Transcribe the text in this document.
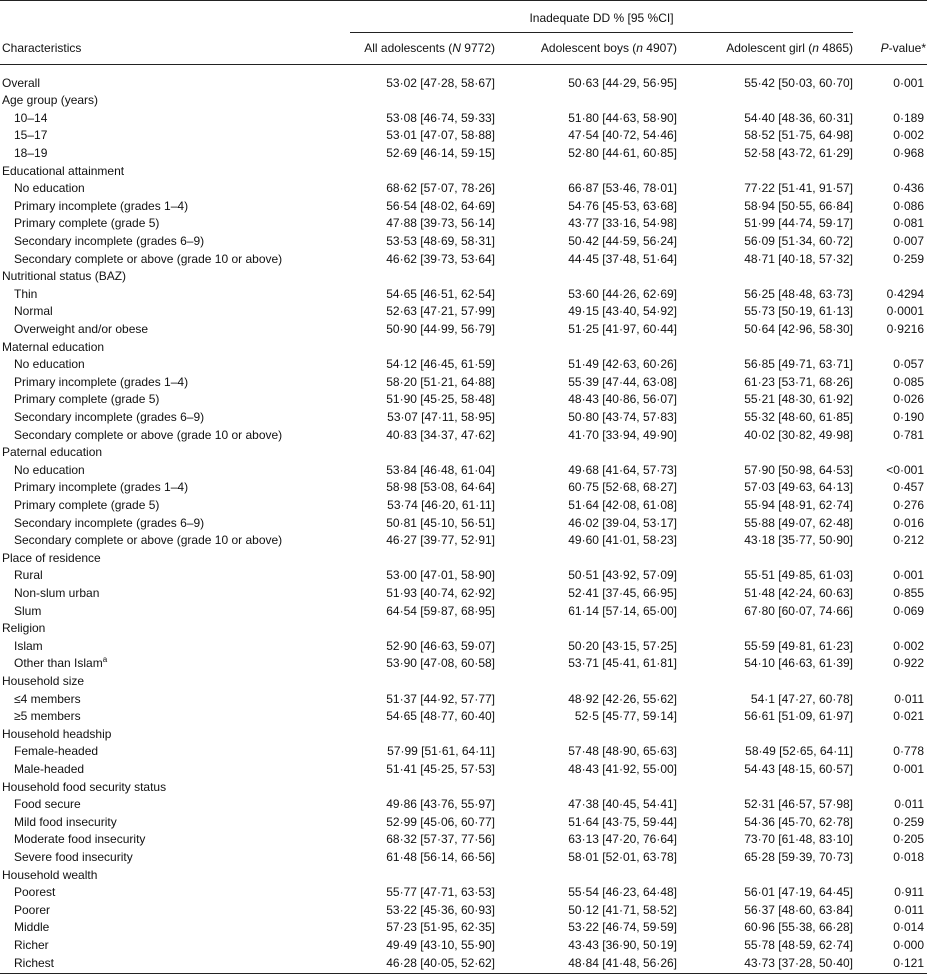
Inadequate DD % [95 %CI]
Characteristics	All adolescents (N 9772)	Adolescent boys (n 4907)	Adolescent girl (n 4865)	P-value*
Overall	53·02 [47·28, 58·67]	50·63 [44·29, 56·95]	55·42 [50·03, 60·70]	0·001
Age group (years)
10–14	53·08 [46·74, 59·33]	51·80 [44·63, 58·90]	54·40 [48·36, 60·31]	0·189
15–17	53·01 [47·07, 58·88]	47·54 [40·72, 54·46]	58·52 [51·75, 64·98]	0·002
18–19	52·69 [46·14, 59·15]	52·80 [44·61, 60·85]	52·58 [43·72, 61·29]	0·968
Educational attainment
No education	68·62 [57·07, 78·26]	66·87 [53·46, 78·01]	77·22 [51·41, 91·57]	0·436
Primary incomplete (grades 1–4)	56·54 [48·02, 64·69]	54·76 [45·53, 63·68]	58·94 [50·55, 66·84]	0·086
Primary complete (grade 5)	47·88 [39·73, 56·14]	43·77 [33·16, 54·98]	51·99 [44·74, 59·17]	0·081
Secondary incomplete (grades 6–9)	53·53 [48·69, 58·31]	50·42 [44·59, 56·24]	56·09 [51·34, 60·72]	0·007
Secondary complete or above (grade 10 or above)	46·62 [39·73, 53·64]	44·45 [37·48, 51·64]	48·71 [40·18, 57·32]	0·259
Nutritional status (BAZ)
Thin	54·65 [46·51, 62·54]	53·60 [44·26, 62·69]	56·25 [48·48, 63·73]	0·4294
Normal	52·63 [47·21, 57·99]	49·15 [43·40, 54·92]	55·73 [50·19, 61·13]	0·0001
Overweight and/or obese	50·90 [44·99, 56·79]	51·25 [41·97, 60·44]	50·64 [42·96, 58·30]	0·9216
Maternal education
No education	54·12 [46·45, 61·59]	51·49 [42·63, 60·26]	56·85 [49·71, 63·71]	0·057
Primary incomplete (grades 1–4)	58·20 [51·21, 64·88]	55·39 [47·44, 63·08]	61·23 [53·71, 68·26]	0·085
Primary complete (grade 5)	51·90 [45·25, 58·48]	48·43 [40·86, 56·07]	55·21 [48·30, 61·92]	0·026
Secondary incomplete (grades 6–9)	53·07 [47·11, 58·95]	50·80 [43·74, 57·83]	55·32 [48·60, 61·85]	0·190
Secondary complete or above (grade 10 or above)	40·83 [34·37, 47·62]	41·70 [33·94, 49·90]	40·02 [30·82, 49·98]	0·781
Paternal education
No education	53·84 [46·48, 61·04]	49·68 [41·64, 57·73]	57·90 [50·98, 64·53]	<0·001
Primary incomplete (grades 1–4)	58·98 [53·08, 64·64]	60·75 [52·68, 68·27]	57·03 [49·63, 64·13]	0·457
Primary complete (grade 5)	53·74 [46·20, 61·11]	51·64 [42·08, 61·08]	55·94 [48·91, 62·74]	0·276
Secondary incomplete (grades 6–9)	50·81 [45·10, 56·51]	46·02 [39·04, 53·17]	55·88 [49·07, 62·48]	0·016
Secondary complete or above (grade 10 or above)	46·27 [39·77, 52·91]	49·60 [41·01, 58·23]	43·18 [35·77, 50·90]	0·212
Place of residence
Rural	53·00 [47·01, 58·90]	50·51 [43·92, 57·09]	55·51 [49·85, 61·03]	0·001
Non-slum urban	51·93 [40·74, 62·92]	52·41 [37·45, 66·95]	51·48 [42·24, 60·63]	0·855
Slum	64·54 [59·87, 68·95]	61·14 [57·14, 65·00]	67·80 [60·07, 74·66]	0·069
Religion
Islam	52·90 [46·63, 59·07]	50·20 [43·15, 57·25]	55·59 [49·81, 61·23]	0·002
Other than Islam$^a$	53·90 [47·08, 60·58]	53·71 [45·41, 61·81]	54·10 [46·63, 61·39]	0·922
Household size
≤4 members	51·37 [44·92, 57·77]	48·92 [42·26, 55·62]	54·1 [47·27, 60·78]	0·011
≥5 members	54·65 [48·77, 60·40]	52·5 [45·77, 59·14]	56·61 [51·09, 61·97]	0·021
Household headship
Female-headed	57·99 [51·61, 64·11]	57·48 [48·90, 65·63]	58·49 [52·65, 64·11]	0·778
Male-headed	51·41 [45·25, 57·53]	48·43 [41·92, 55·00]	54·43 [48·15, 60·57]	0·001
Household food security status
Food secure	49·86 [43·76, 55·97]	47·38 [40·45, 54·41]	52·31 [46·57, 57·98]	0·011
Mild food insecurity	52·99 [45·06, 60·77]	51·64 [43·75, 59·44]	54·36 [45·70, 62·78]	0·259
Moderate food insecurity	68·32 [57·37, 77·56]	63·13 [47·20, 76·64]	73·70 [61·48, 83·10]	0·205
Severe food insecurity	61·48 [56·14, 66·56]	58·01 [52·01, 63·78]	65·28 [59·39, 70·73]	0·018
Household wealth
Poorest	55·77 [47·71, 63·53]	55·54 [46·23, 64·48]	56·01 [47·19, 64·45]	0·911
Poorer	53·22 [45·36, 60·93]	50·12 [41·71, 58·52]	56·37 [48·60, 63·84]	0·011
Middle	57·23 [51·95, 62·35]	53·22 [46·74, 59·59]	60·96 [55·38, 66·28]	0·014
Richer	49·49 [43·10, 55·90]	43·43 [36·90, 50·19]	55·78 [48·59, 62·74]	0·000
Richest	46·28 [40·05, 52·62]	48·84 [41·48, 56·26]	43·73 [37·28, 50·40]	0·121
